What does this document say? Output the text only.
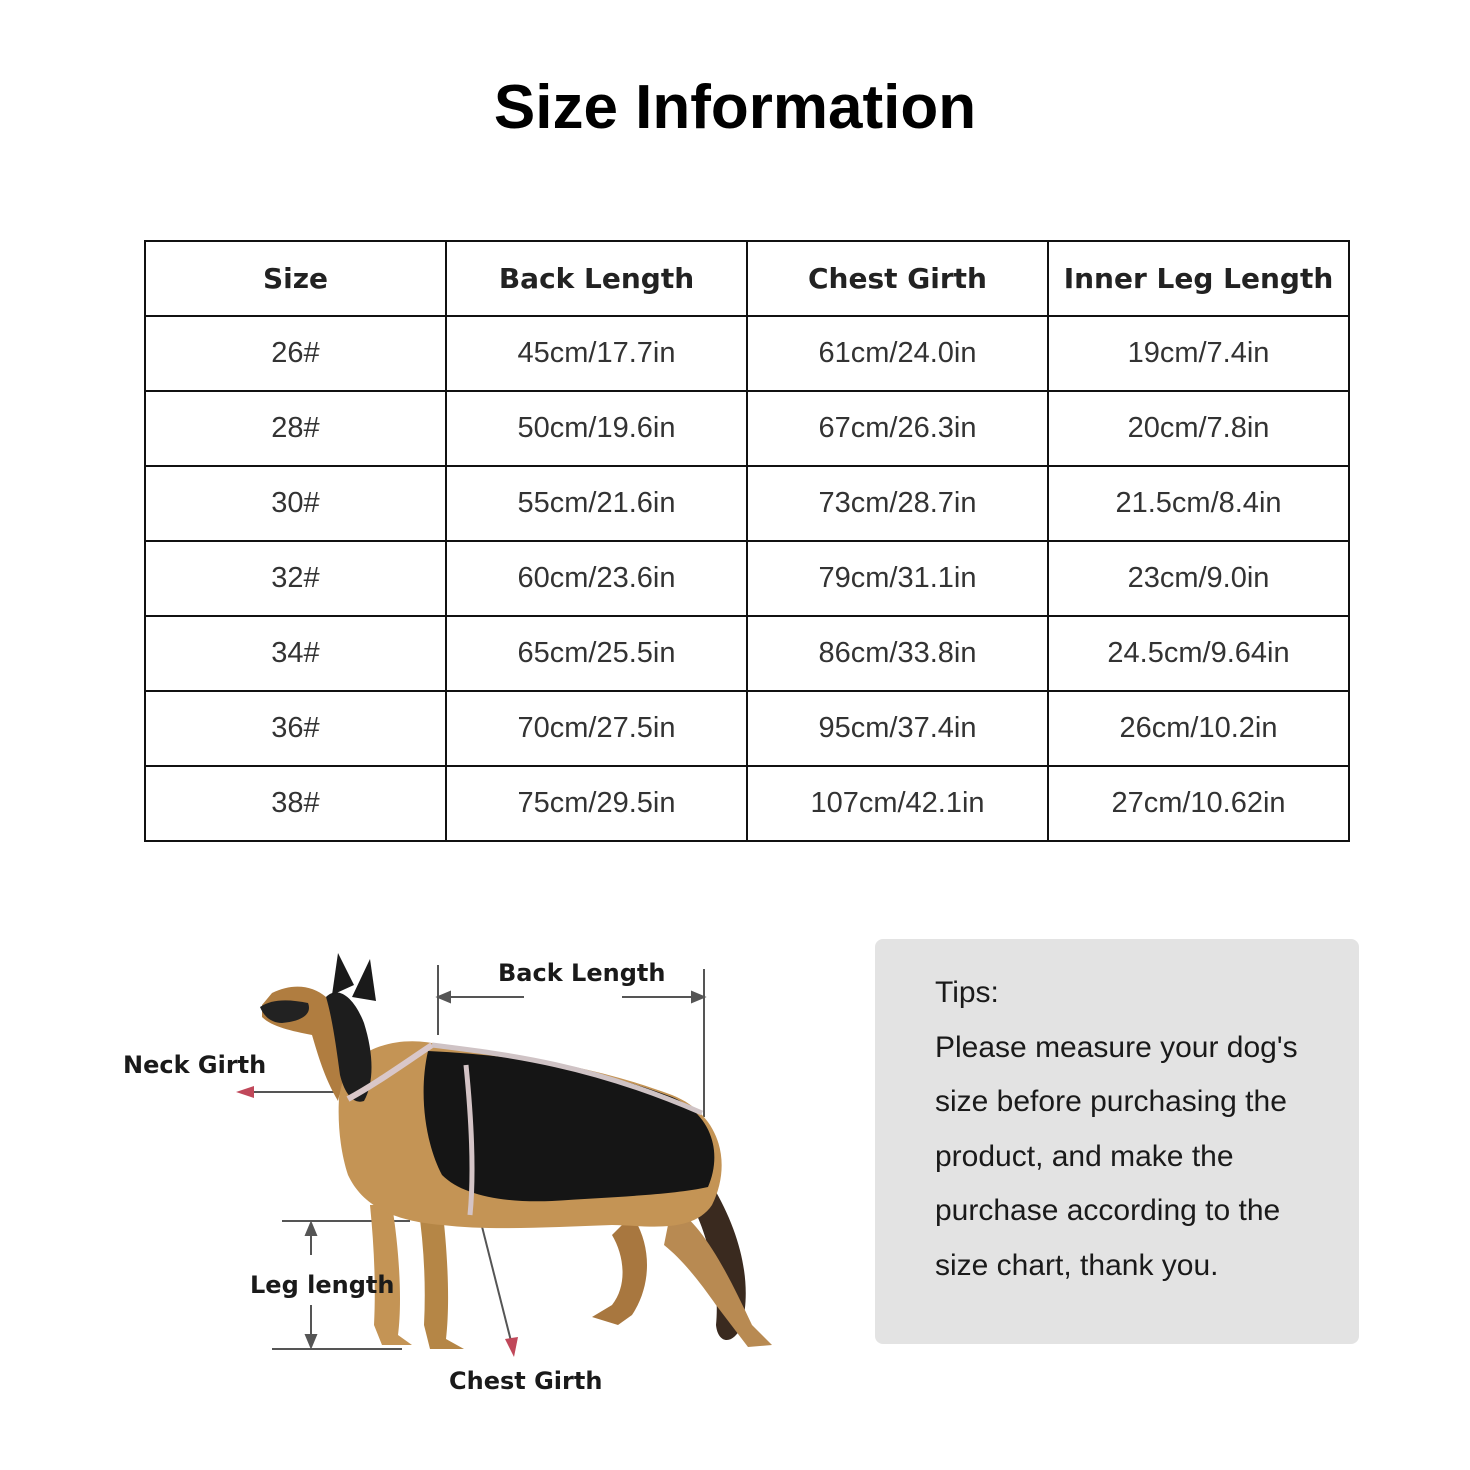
Size Information
Size	Back Length	Chest Girth	Inner Leg Length
26#	45cm/17.7in	61cm/24.0in	19cm/7.4in
28#	50cm/19.6in	67cm/26.3in	20cm/7.8in
30#	55cm/21.6in	73cm/28.7in	21.5cm/8.4in
32#	60cm/23.6in	79cm/31.1in	23cm/9.0in
34#	65cm/25.5in	86cm/33.8in	24.5cm/9.64in
36#	70cm/27.5in	95cm/37.4in	26cm/10.2in
38#	75cm/29.5in	107cm/42.1in	27cm/10.62in
Back Length
Neck Girth
Leg length
Chest Girth
Tips:
Please measure your dog's
size before purchasing the
product, and make the
purchase according to the
size chart, thank you.
